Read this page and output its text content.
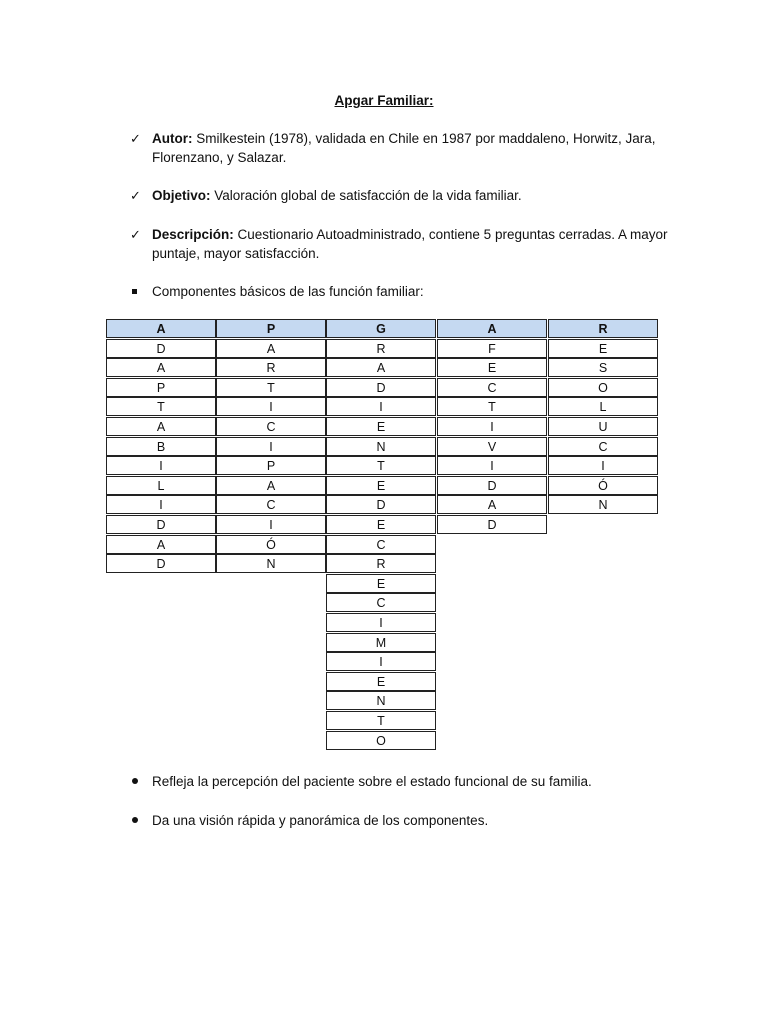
Apgar Familiar:
✓ Autor: Smilkestein (1978), validada en Chile en 1987 por maddaleno, Horwitz, Jara, Florenzano, y Salazar.
✓ Objetivo: Valoración global de satisfacción de la vida familiar.
✓ Descripción: Cuestionario Autoadministrado, contiene 5 preguntas cerradas. A mayor puntaje, mayor satisfacción.
Componentes básicos de las función familiar:
A
D
A
P
T
A
B
I
L
I
D
A
D
P
A
R
T
I
C
I
P
A
C
I
Ó
N
G
R
A
D
I
E
N
T
E
D
E
C
R
E
C
I
M
I
E
N
T
O
A
F
E
C
T
I
V
I
D
A
D
R
E
S
O
L
U
C
I
Ó
N
Refleja la percepción del paciente sobre el estado funcional de su familia.
Da una visión rápida y panorámica de los componentes.
